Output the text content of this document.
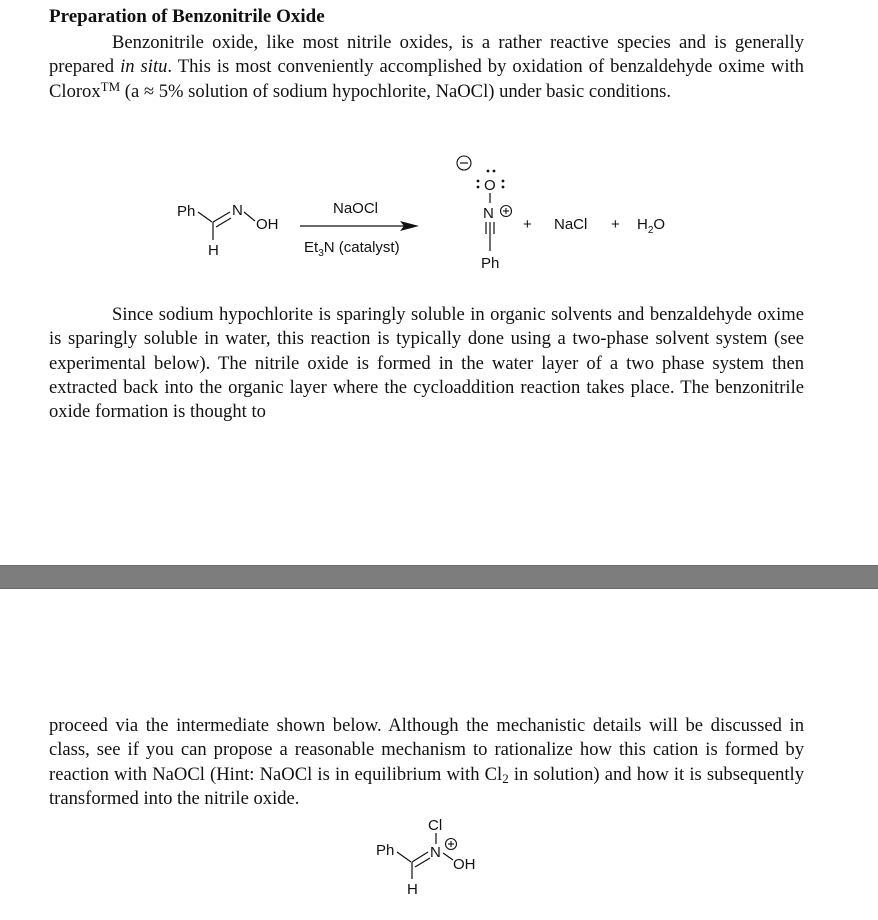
Preparation of Benzonitrile Oxide

Benzonitrile oxide, like most nitrile oxides, is a rather reactive species and is generally prepared in situ. This is most conveniently accomplished by oxidation of benzaldehyde oxime with Clorox™ (a ≈ 5% solution of sodium hypochlorite, NaOCl) under basic conditions.

Ph N
OH
H
NaOCl
$Et_3N$ (catalyst)
O
N
Ph
+ NaCl + $H_2O$

Since sodium hypochlorite is sparingly soluble in organic solvents and benzaldehyde oxime is sparingly soluble in water, this reaction is typically done using a two-phase solvent system (see experimental below). The nitrile oxide is formed in the water layer of a two phase system then extracted back into the organic layer where the cycloaddition reaction takes place. The benzonitrile oxide formation is thought to

proceed via the intermediate shown below. Although the mechanistic details will be discussed in class, see if you can propose a reasonable mechanism to rationalize how this cation is formed by reaction with NaOCl (Hint: NaOCl is in equilibrium with $Cl_2$ in solution) and how it is subsequently transformed into the nitrile oxide.

Cl
Ph N
OH
H
